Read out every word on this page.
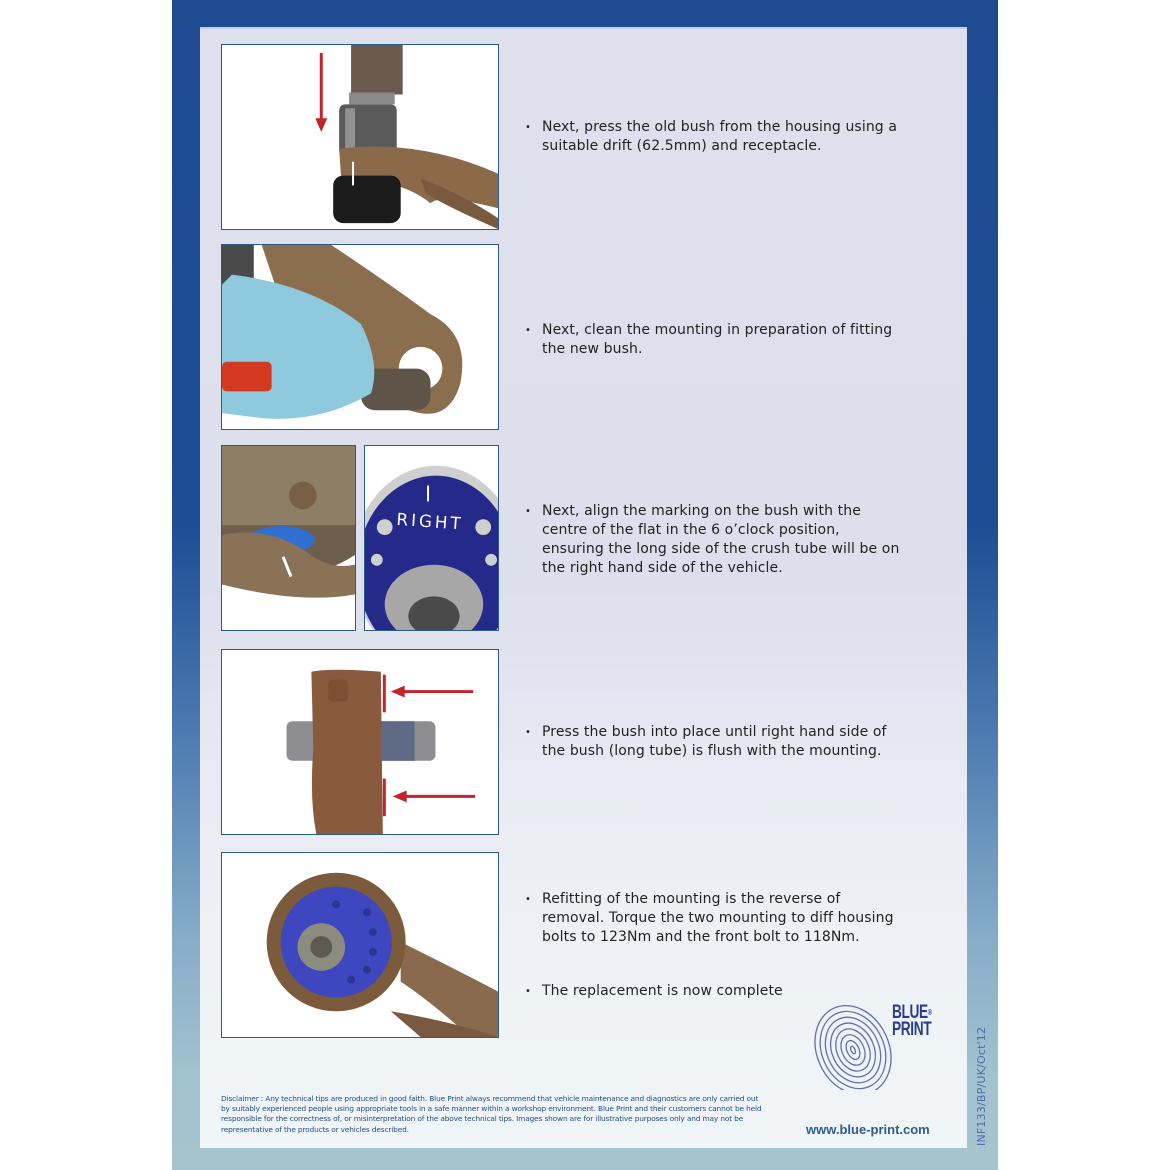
RIGHT
• Next, press the old bush from the housing using a suitable drift (62.5mm) and receptacle.
• Next, clean the mounting in preparation of fitting the new bush.
• Next, align the marking on the bush with the centre of the flat in the 6 o’clock position, ensuring the long side of the crush tube will be on the right hand side of the vehicle.
• Press the bush into place until right hand side of the bush (long tube) is flush with the mounting.
• Refitting of the mounting is the reverse of removal. Torque the two mounting to diff housing bolts to 123Nm and the front bolt to 118Nm.
• The replacement is now complete
Disclaimer : Any technical tips are produced in good faith. Blue Print always recommend that vehicle maintenance and diagnostics are only carried out by suitably experienced people using appropriate tools in a safe manner within a workshop environment. Blue Print and their customers cannot be held responsible for the correctness of, or misinterpretation of the above technical tips. Images shown are for illustrative purposes only and may not be representative of the products or vehicles described.
BLUE®
PRINT
www.blue-print.com	INF133/BP/UK/Oct'12
